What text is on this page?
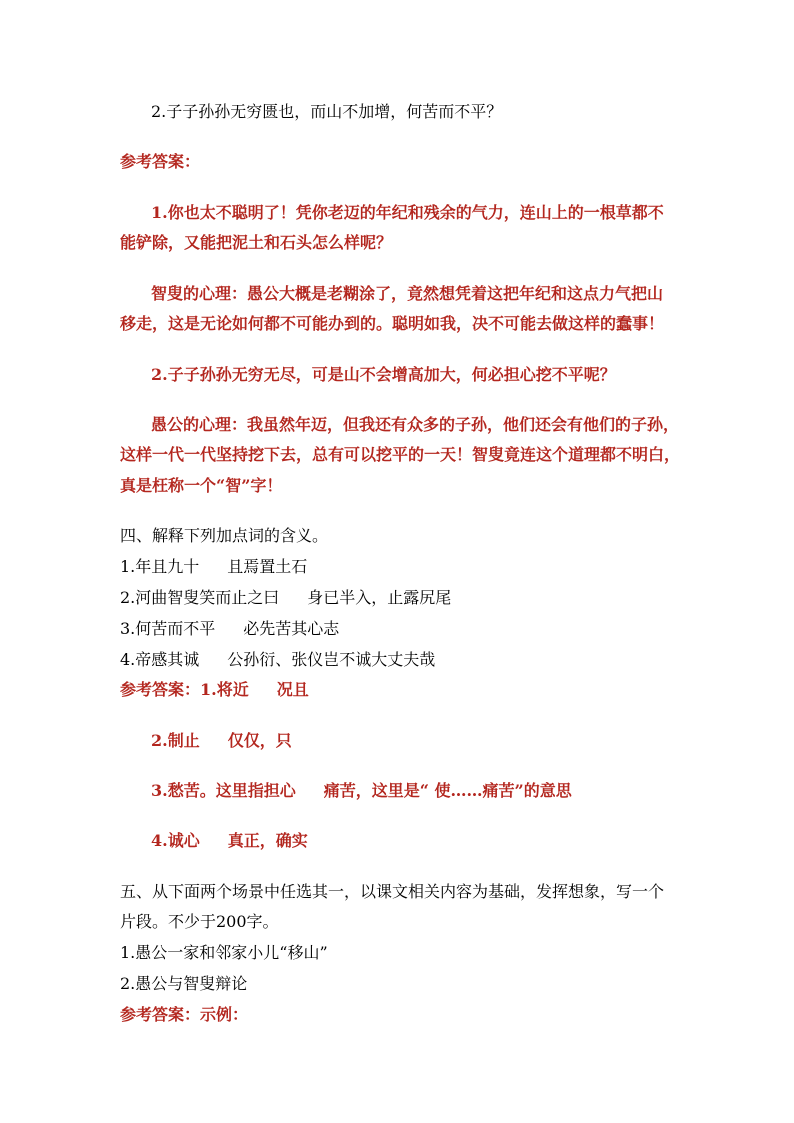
2.子子孙孙无穷匮也，而山不加增，何苦而不平？
参考答案：
1.你也太不聪明了！凭你老迈的年纪和残余的气力，连山上的一根草都不
能铲除，又能把泥土和石头怎么样呢？
智叟的心理：愚公大概是老糊涂了，竟然想凭着这把年纪和这点力气把山
移走，这是无论如何都不可能办到的。聪明如我，决不可能去做这样的蠢事！
2.子子孙孙无穷无尽，可是山不会增高加大，何必担心挖不平呢？
愚公的心理：我虽然年迈，但我还有众多的子孙，他们还会有他们的子孙，
这样一代一代坚持挖下去，总有可以挖平的一天！智叟竟连这个道理都不明白，
真是枉称一个“智”字！
四、解释下列加点词的含义。
1.年且九十 且焉置土石
2.河曲智叟笑而止之曰 身已半入，止露尻尾
3.何苦而不平 必先苦其心志
4.帝感其诚 公孙衍、张仪岂不诚大丈夫哉
参考答案：1.将近 况且
2.制止 仅仅，只
3.愁苦。这里指担心 痛苦，这里是“ 使……痛苦”的意思
4.诚心 真正，确实
五、从下面两个场景中任选其一，以课文相关内容为基础，发挥想象，写一个
片段。不少于200字。
1.愚公一家和邻家小儿“移山”
2.愚公与智叟辩论
参考答案：示例：
